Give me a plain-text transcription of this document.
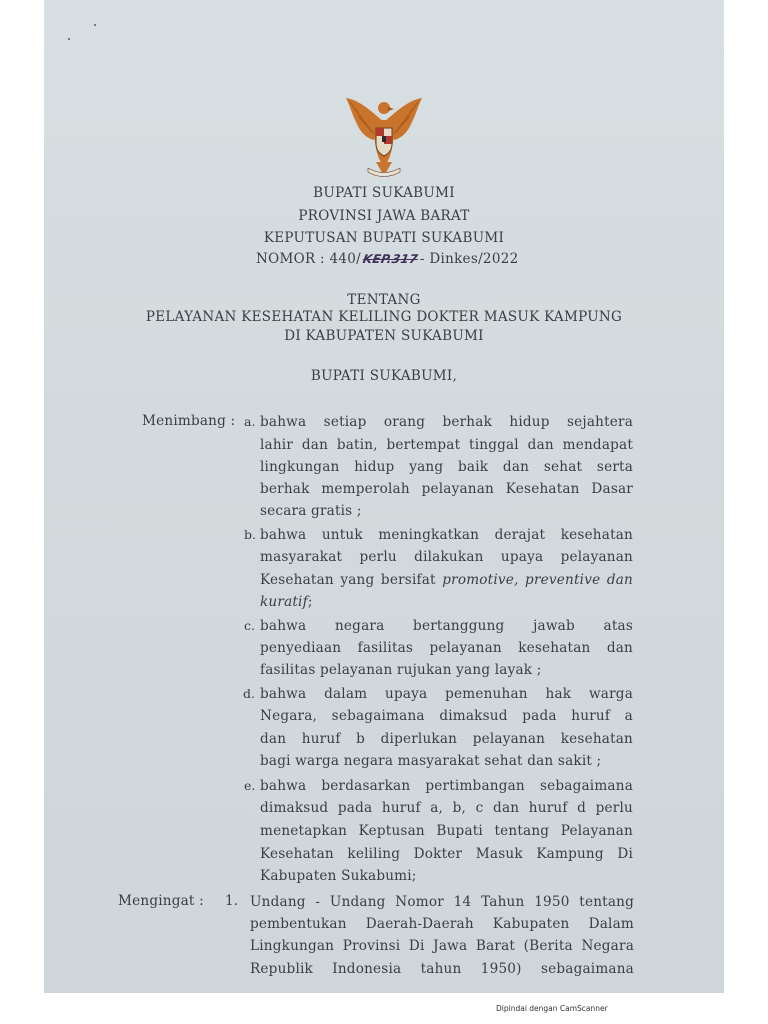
BUPATI SUKABUMI
PROVINSI JAWA BARAT
KEPUTUSAN BUPATI SUKABUMI
NOMOR : 440/KEP.317- Dinkes/2022
TENTANG
PELAYANAN KESEHATAN KELILING DOKTER MASUK KAMPUNG
DI KABUPATEN SUKABUMI
BUPATI SUKABUMI,
Menimbang : a. bahwa setiap orang berhak hidup sejahtera
lahir dan batin, bertempat tinggal dan mendapat
lingkungan hidup yang baik dan sehat serta
berhak memperolah pelayanan Kesehatan Dasar
secara gratis ;
b. bahwa untuk meningkatkan derajat kesehatan
masyarakat perlu dilakukan upaya pelayanan
Kesehatan yang bersifat promotive, preventive dan
kuratif;
c. bahwa negara bertanggung jawab atas
penyediaan fasilitas pelayanan kesehatan dan
fasilitas pelayanan rujukan yang layak ;
d. bahwa dalam upaya pemenuhan hak warga
Negara, sebagaimana dimaksud pada huruf a
dan huruf b diperlukan pelayanan kesehatan
bagi warga negara masyarakat sehat dan sakit ;
e. bahwa berdasarkan pertimbangan sebagaimana
dimaksud pada huruf a, b, c dan huruf d perlu
menetapkan Keptusan Bupati tentang Pelayanan
Kesehatan keliling Dokter Masuk Kampung Di
Kabupaten Sukabumi;
Mengingat : 1. Undang - Undang Nomor 14 Tahun 1950 tentang
pembentukan Daerah-Daerah Kabupaten Dalam
Lingkungan Provinsi Di Jawa Barat (Berita Negara
Republik Indonesia tahun 1950) sebagaimana
Dipindai dengan CamScanner
